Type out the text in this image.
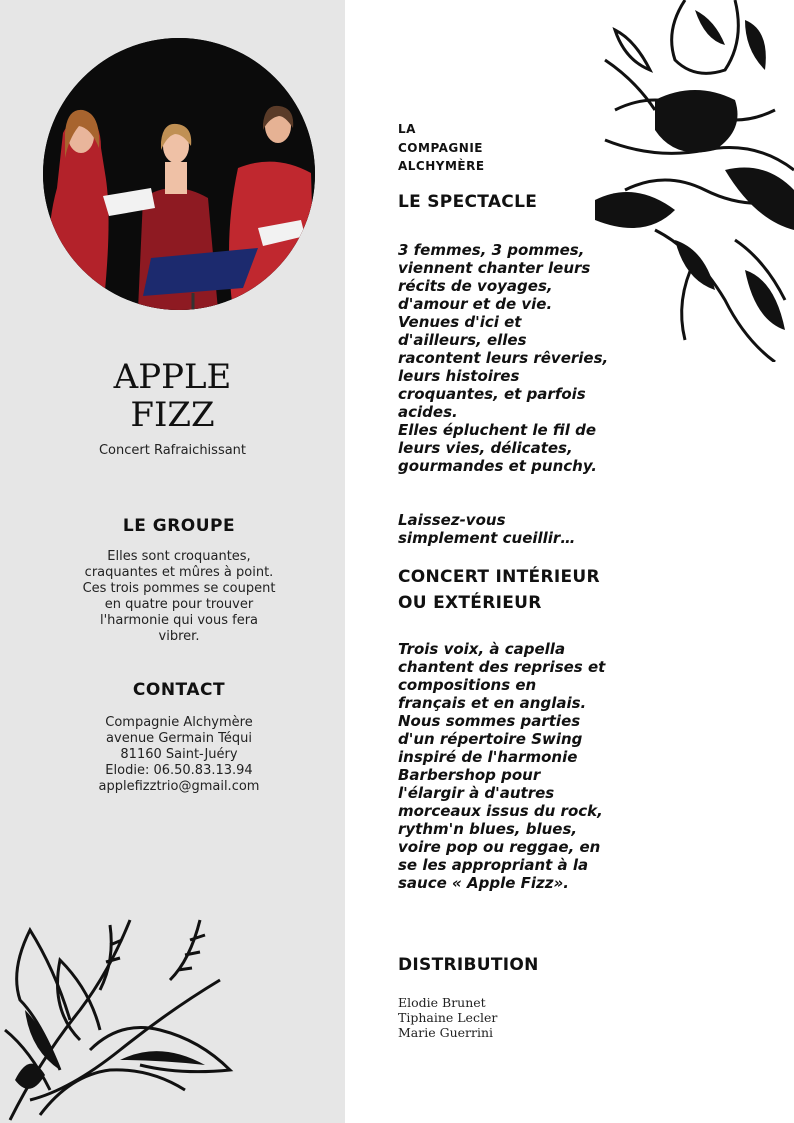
APPLE
FIZZ
Concert Rafraichissant
LE GROUPE
Elles sont croquantes,
craquantes et mûres à point.
Ces trois pommes se coupent
en quatre pour trouver
l'harmonie qui vous fera
vibrer.
CONTACT
Compagnie Alchymère
avenue Germain Téqui
81160 Saint-Juéry
Elodie: 06.50.83.13.94
applefizztrio@gmail.com
LA
COMPAGNIE
ALCHYMÈRE
LE SPECTACLE
3 femmes, 3 pommes,
viennent chanter leurs
récits de voyages,
d'amour et de vie.
Venues d'ici et
d'ailleurs, elles
racontent leurs rêveries,
leurs histoires
croquantes, et parfois
acides.
Elles épluchent le fil de
leurs vies, délicates,
gourmandes et punchy.
Laissez-vous
simplement cueillir…
CONCERT INTÉRIEUR
OU EXTÉRIEUR
Trois voix, à capella
chantent des reprises et
compositions en
français et en anglais.
Nous sommes parties
d'un répertoire Swing
inspiré de l'harmonie
Barbershop pour
l'élargir à d'autres
morceaux issus du rock,
rythm'n blues, blues,
voire pop ou reggae, en
se les appropriant à la
sauce « Apple Fizz».
DISTRIBUTION
Elodie Brunet
Tiphaine Lecler
Marie Guerrini
